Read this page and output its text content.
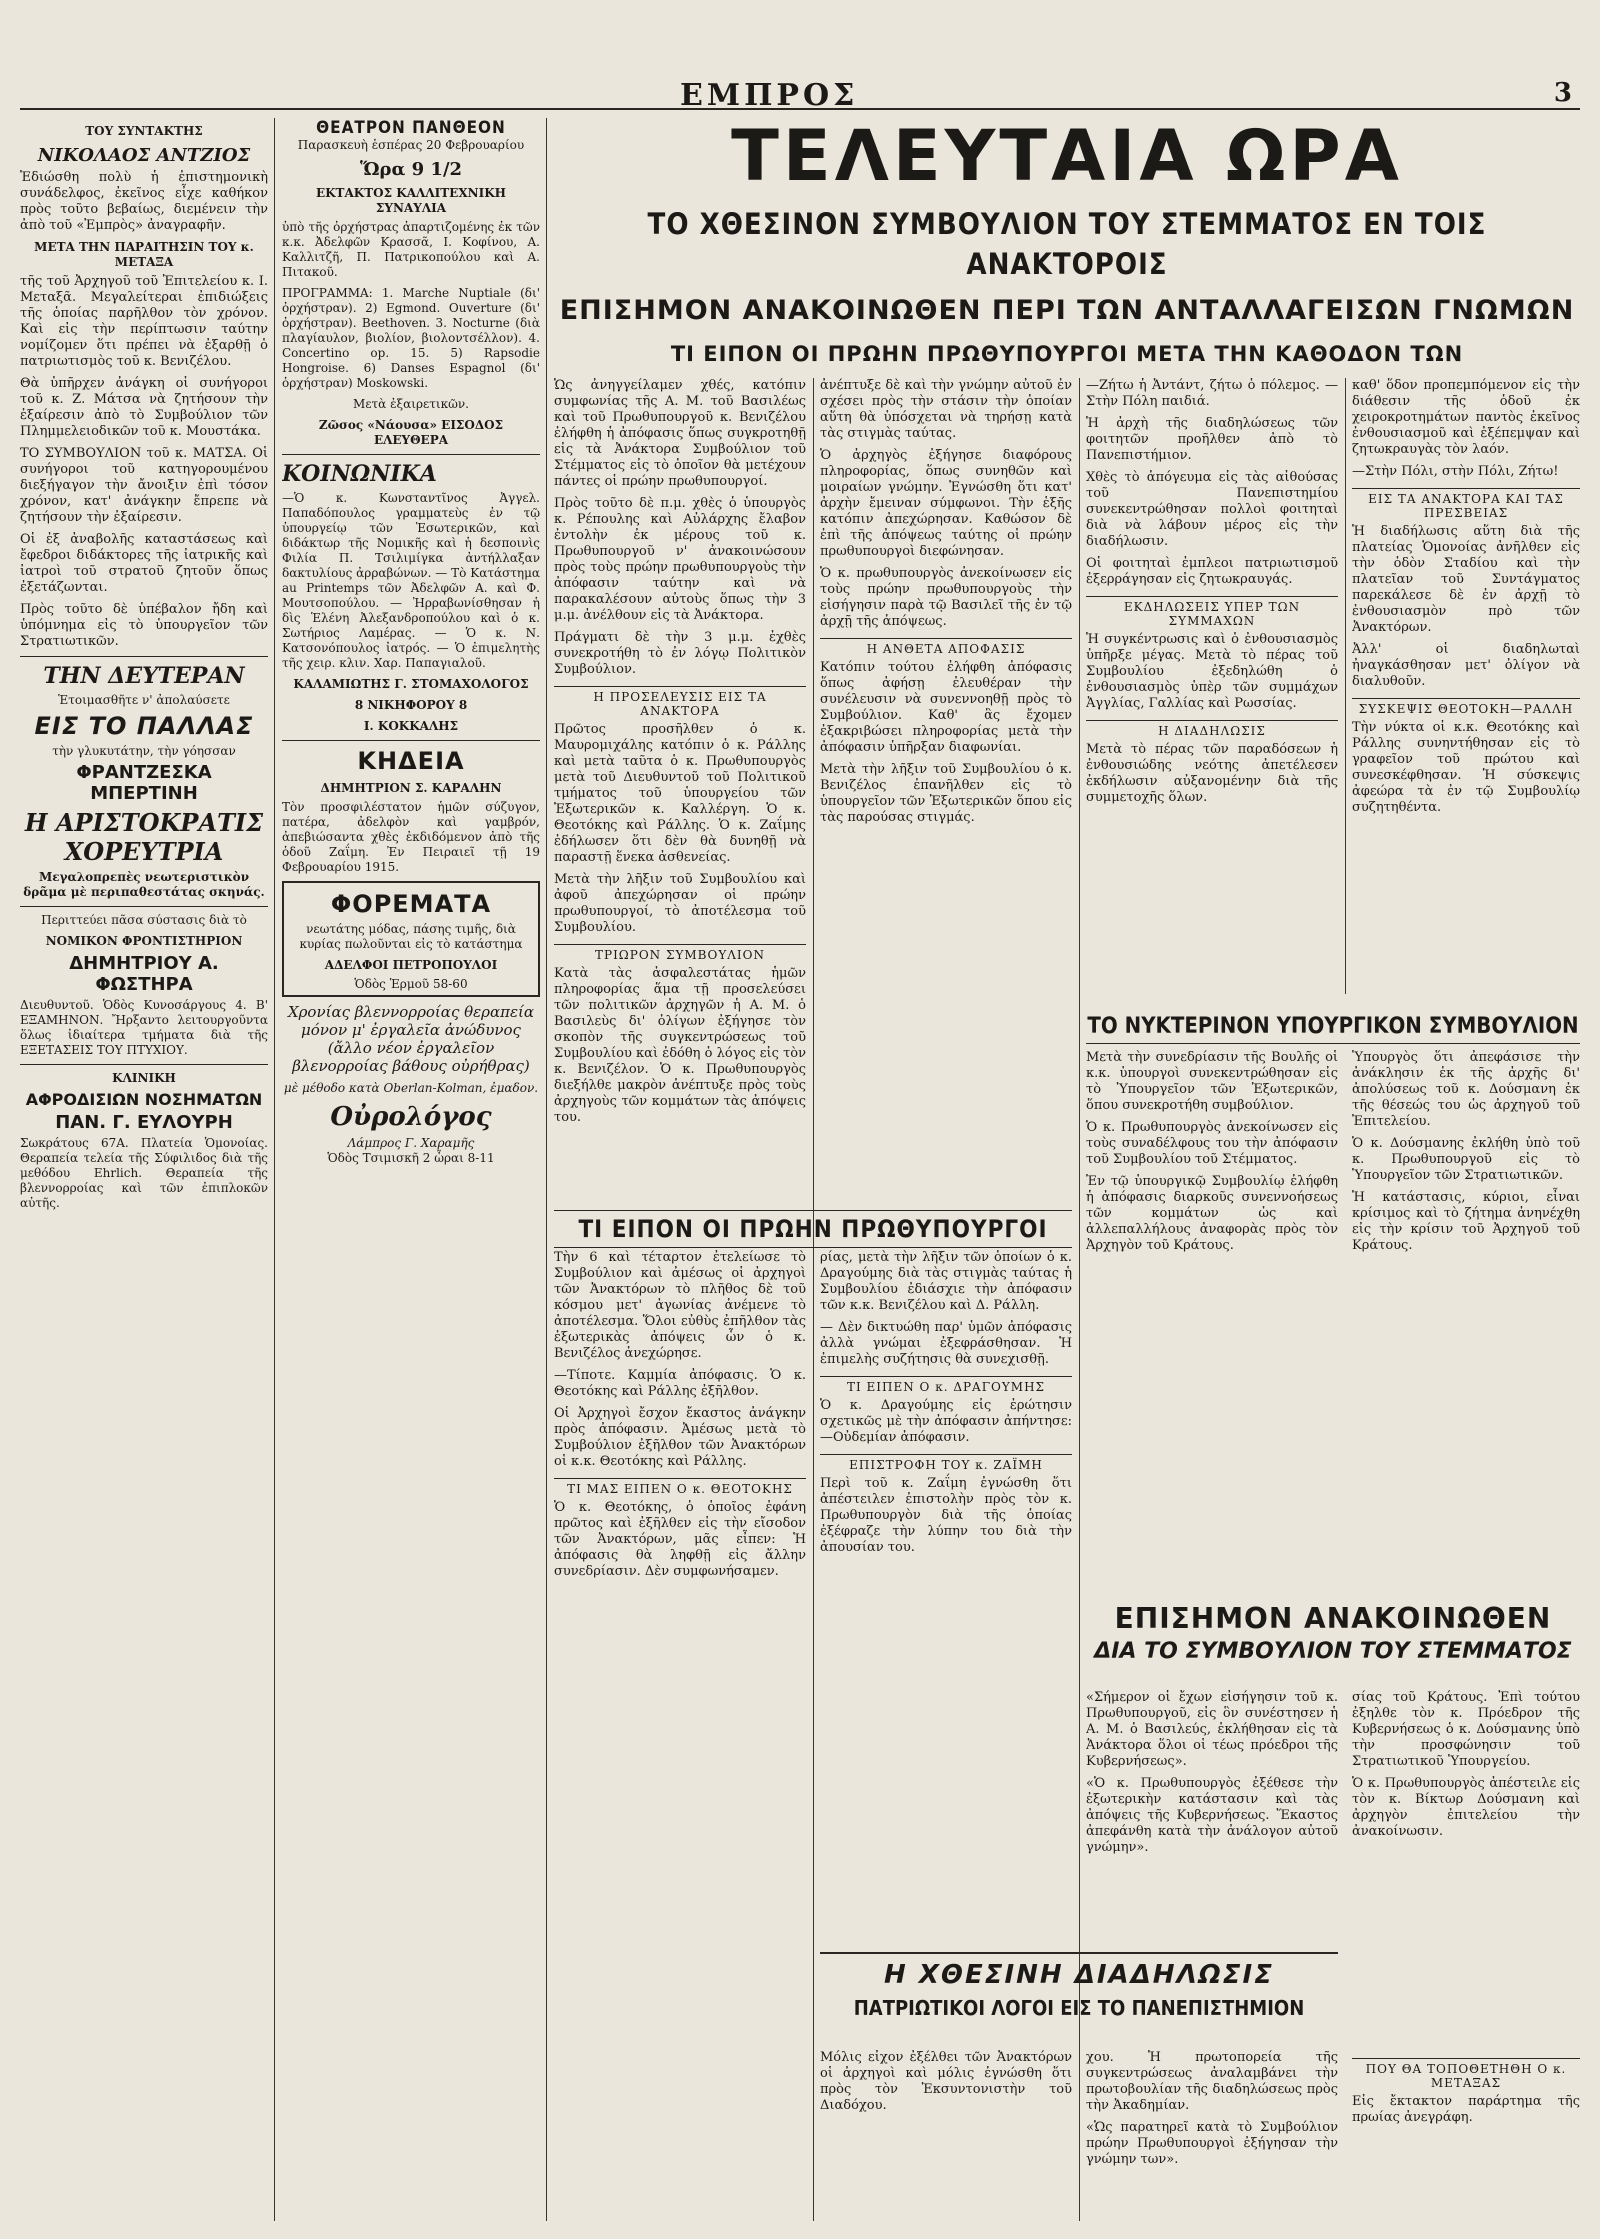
ΕΜΠΡΟΣ	3
ΤΟΥ ΣΥΝΤΑΚΤΗΣ
ΝΙΚΟΛΑΟΣ ΑΝΤΖΙΟΣ

Ἐδιώσθη πολὺ ἡ ἐπιστημονικὴ συνάδελφος, ἐκεῖνος εἶχε καθήκον πρὸς τοῦτο βεβαίως, διεμένειν τὴν ἀπὸ τοῦ «Ἐμπρὸς» ἀναγραφῆν.

ΜΕΤΑ ΤΗΝ ΠΑΡΑΙΤΗΣΙΝ ΤΟΥ κ. ΜΕΤΑΞΑ

τῆς τοῦ Ἀρχηγοῦ τοῦ Ἐπιτελείου κ. Ι. Μεταξᾶ. Μεγαλείτεραι ἐπιδιώξεις τῆς ὁποίας παρῆλθον τὸν χρόνον. Καὶ εἰς τὴν περίπτωσιν ταύτην νομίζομεν ὅτι πρέπει νὰ ἐξαρθῇ ὁ πατριωτισμὸς τοῦ κ. Βενιζέλου.

Θὰ ὑπῆρχεν ἀνάγκη οἱ συνήγοροι τοῦ κ. Ζ. Μάτσα νὰ ζητήσουν τὴν ἐξαίρεσιν ἀπὸ τὸ Συμβούλιον τῶν Πλημμελειοδικῶν τοῦ κ. Μουστάκα.

ΤΟ ΣΥΜΒΟΥΛΙΟΝ τοῦ κ. ΜΑΤΣΑ. Οἱ συνήγοροι τοῦ κατηγορουμένου διεξήγαγον τὴν ἄνοιξιν ἐπὶ τόσον χρόνον, κατ' ἀνάγκην ἔπρεπε νὰ ζητήσουν τὴν ἐξαίρεσιν.

Οἱ ἐξ ἀναβολῆς καταστάσεως καὶ ἔφεδροι διδάκτορες τῆς ἰατρικῆς καὶ ἰατροὶ τοῦ στρατοῦ ζητοῦν ὅπως ἐξετάζωνται.

Πρὸς τοῦτο δὲ ὑπέβαλον ἤδη καὶ ὑπόμνημα εἰς τὸ ὑπουργεῖον τῶν Στρατιωτικῶν.

ΤΗΝ ΔΕΥΤΕΡΑΝ
Ἑτοιμασθῆτε ν' ἀπολαύσετε
ΕΙΣ ΤΟ ΠΑΛΛΑΣ
τὴν γλυκυτάτην, τὴν γόησσαν
ΦΡΑΝΤΖΕΣΚΑ ΜΠΕΡΤΙΝΗ
Η ΑΡΙΣΤΟΚΡΑΤΙΣ ΧΟΡΕΥΤΡΙΑ

Μεγαλοπρεπὲς νεωτεριστικὸν δρᾶμα μὲ περιπαθεστάτας σκηνάς.

Περιττεύει πᾶσα σύστασις διὰ τὸ
ΝΟΜΙΚΟΝ ΦΡΟΝΤΙΣΤΗΡΙΟΝ
ΔΗΜΗΤΡΙΟΥ Α. ΦΩΣΤΗΡΑ

Διευθυντοῦ. Ὁδὸς Κυνοσάργους 4. Β' ΕΞΑΜΗΝΟΝ. Ἤρξαντο λειτουργοῦντα ὅλως ἰδιαίτερα τμήματα διὰ τῆς ΕΞΕΤΑΣΕΙΣ ΤΟΥ ΠΤΥΧΙΟΥ.

ΚΛΙΝΙΚΗ
ΑΦΡΟΔΙΣΙΩΝ ΝΟΣΗΜΑΤΩΝ
ΠΑΝ. Γ. ΕΥΛΟΥΡΗ

Σωκράτους 67Α. Πλατεία Ὁμονοίας. Θεραπεία τελεία τῆς Σύφιλιδος διὰ τῆς μεθόδου Ehrlich. Θεραπεία τῆς βλεννορροίας καὶ τῶν ἐπιπλοκῶν αὐτῆς.

ΘΕΑΤΡΟΝ ΠΑΝΘΕΟΝ
Παρασκευὴ ἑσπέρας 20 Φεβρουαρίου
Ὥρα 9 1/2
ΕΚΤΑΚΤΟΣ ΚΑΛΛΙΤΕΧΝΙΚΗ ΣΥΝΑΥΛΙΑ

ὑπὸ τῆς ὀρχήστρας ἀπαρτιζομένης ἐκ τῶν κ.κ. Ἀδελφῶν Κρασσᾶ, Ι. Κοφίνου, Α. Καλλιτζῆ, Π. Πατρικοπούλου καὶ Α. Πιτακοῦ.

ΠΡΟΓΡΑΜΜΑ: 1. Marche Nuptiale (δι' ὀρχήστραν). 2) Egmond. Ouverture (δι' ὀρχήστραν). Beethoven. 3. Nocturne (διὰ πλαγίαυλον, βιολίον, βιολοντσέλλον). 4. Concertino op. 15. 5) Rapsodie Hongroise. 6) Danses Espagnol (δι' ὀρχήστραν) Moskowski.

Μετὰ ἐξαιρετικῶν.
Ζῶσος «Νάουσα» ΕΙΣΟΔΟΣ ΕΛΕΥΘΕΡΑ
ΚΟΙΝΩΝΙΚΑ

—Ὁ κ. Κωνσταντῖνος Ἀγγελ. Παπαδόπουλος γραμματεὺς ἐν τῷ ὑπουργείῳ τῶν Ἐσωτερικῶν, καὶ διδάκτωρ τῆς Νομικῆς καὶ ἡ δεσποινὶς Φιλία Π. Τσιλιμίγκα ἀντήλλαξαν δακτυλίους ἀρραβώνων. — Τὸ Κατάστημα au Printemps τῶν Ἀδελφῶν Α. καὶ Φ. Μουτσοπούλου. — Ἠρραβωνίσθησαν ἡ δὶς Ἑλένη Ἀλεξανδροπούλου καὶ ὁ κ. Σωτήριος Λαμέρας. — Ὁ κ. Ν. Κατσονόπουλος ἰατρός. — Ὁ ἐπιμελητὴς τῆς χειρ. κλιν. Χαρ. Παπαγιαλοῦ.

ΚΑΛΑΜΙΩΤΗΣ Γ. ΣΤΟΜΑΧΟΛΟΓΟΣ
8 ΝΙΚΗΦΟΡΟΥ 8
Ι. ΚΟΚΚΑΛΗΣ
ΚΗΔΕΙΑ
ΔΗΜΗΤΡΙΟΝ Σ. ΚΑΡΑΛΗΝ

Τὸν προσφιλέστατον ἡμῶν σύζυγον, πατέρα, ἀδελφὸν καὶ γαμβρόν, ἀπεβιώσαντα χθὲς ἐκδιδόμενον ἀπὸ τῆς ὁδοῦ Ζαΐμη. Ἐν Πειραιεῖ τῇ 19 Φεβρουαρίου 1915.

ΦΟΡΕΜΑΤΑ

νεωτάτης μόδας, πάσης τιμῆς, διὰ κυρίας πωλοῦνται εἰς τὸ κατάστημα

ΑΔΕΛΦΟΙ ΠΕΤΡΟΠΟΥΛΟΙ
Ὁδὸς Ἑρμοῦ 58-60

Χρονίας βλεννορροίας θεραπεία μόνον μ' ἐργαλεῖα ἀνώδυνος (ἄλλο νέον ἐργαλεῖον βλενορροίας βάθους οὐρήθρας)

μὲ μέθοδο κατὰ Oberlan-Kolman, ἐμαδον.

Οὐρολόγος
Λάμπρος Γ. Χαραμῆς
Ὁδὸς Τσιμισκῆ 2 ὧραι 8-11
ΤΕΛΕΥΤΑΙΑ ΩΡΑ
ΤΟ ΧΘΕΣΙΝΟΝ ΣΥΜΒΟΥΛΙΟΝ ΤΟΥ ΣΤΕΜΜΑΤΟΣ ΕΝ ΤΟΙΣ ΑΝΑΚΤΟΡΟΙΣ
ΕΠΙΣΗΜΟΝ ΑΝΑΚΟΙΝΩΘΕΝ ΠΕΡΙ ΤΩΝ ΑΝΤΑΛΛΑΓΕΙΣΩΝ ΓΝΩΜΩΝ
ΤΙ ΕΙΠΟΝ ΟΙ ΠΡΩΗΝ ΠΡΩΘΥΠΟΥΡΓΟΙ ΜΕΤΑ ΤΗΝ ΚΑΘΟΔΟΝ ΤΩΝ

Ὡς ἀνηγγείλαμεν χθές, κατόπιν συμφωνίας τῆς Α. Μ. τοῦ Βασιλέως καὶ τοῦ Πρωθυπουργοῦ κ. Βενιζέλου ἐλήφθη ἡ ἀπόφασις ὅπως συγκροτηθῇ εἰς τὰ Ἀνάκτορα Συμβούλιον τοῦ Στέμματος εἰς τὸ ὁποῖον θὰ μετέχουν πάντες οἱ πρώην πρωθυπουργοί.

Πρὸς τοῦτο δὲ π.μ. χθὲς ὁ ὑπουργὸς κ. Ρέπουλης καὶ Αὐλάρχης ἔλαβον ἐντολὴν ἐκ μέρους τοῦ κ. Πρωθυπουργοῦ ν' ἀνακοινώσουν πρὸς τοὺς πρώην πρωθυπουργοὺς τὴν ἀπόφασιν ταύτην καὶ νὰ παρακαλέσουν αὐτοὺς ὅπως τὴν 3 μ.μ. ἀνέλθουν εἰς τὰ Ἀνάκτορα.

Πράγματι δὲ τὴν 3 μ.μ. ἐχθὲς συνεκροτήθη τὸ ἐν λόγῳ Πολιτικὸν Συμβούλιον.

Η ΠΡΟΣΕΛΕΥΣΙΣ ΕΙΣ ΤΑ ΑΝΑΚΤΟΡΑ

Πρῶτος προσῆλθεν ὁ κ. Μαυρομιχάλης κατόπιν ὁ κ. Ράλλης καὶ μετὰ ταῦτα ὁ κ. Πρωθυπουργὸς μετὰ τοῦ Διευθυντοῦ τοῦ Πολιτικοῦ τμήματος τοῦ ὑπουργείου τῶν Ἐξωτερικῶν κ. Καλλέργη. Ὁ κ. Θεοτόκης καὶ Ράλλης. Ὁ κ. Ζαΐμης ἐδήλωσεν ὅτι δὲν θὰ δυνηθῇ νὰ παραστῇ ἕνεκα ἀσθενείας.

Μετὰ τὴν λῆξιν τοῦ Συμβουλίου καὶ ἀφοῦ ἀπεχώρησαν οἱ πρώην πρωθυπουργοί, τὸ ἀποτέλεσμα τοῦ Συμβουλίου.

ΤΡΙΩΡΟΝ ΣΥΜΒΟΥΛΙΟΝ

Κατὰ τὰς ἀσφαλεστάτας ἡμῶν πληροφορίας ἅμα τῇ προσελεύσει τῶν πολιτικῶν ἀρχηγῶν ἡ Α. Μ. ὁ Βασιλεὺς δι' ὀλίγων ἐξήγησε τὸν σκοπὸν τῆς συγκεντρώσεως τοῦ Συμβουλίου καὶ ἐδόθη ὁ λόγος εἰς τὸν κ. Βενιζέλον. Ὁ κ. Πρωθυπουργὸς διεξήλθε μακρὸν ἀνέπτυξε πρὸς τοὺς ἀρχηγοὺς τῶν κομμάτων τὰς ἀπόψεις του.

ἀνέπτυξε δὲ καὶ τὴν γνώμην αὐτοῦ ἐν σχέσει πρὸς τὴν στάσιν τὴν ὁποίαν αὕτη θὰ ὑπόσχεται νὰ τηρήσῃ κατὰ τὰς στιγμὰς ταύτας.

Ὁ ἀρχηγὸς ἐξήγησε διαφόρους πληροφορίας, ὅπως συνηθῶν καὶ μοιραίων γνώμην. Ἐγνώσθη ὅτι κατ' ἀρχὴν ἔμειναν σύμφωνοι. Τὴν ἑξῆς κατόπιν ἀπεχώρησαν. Καθώσον δὲ ἐπὶ τῆς ἀπόψεως ταύτης οἱ πρώην πρωθυπουργοὶ διεφώνησαν.

Ὁ κ. πρωθυπουργὸς ἀνεκοίνωσεν εἰς τοὺς πρώην πρωθυπουργοὺς τὴν εἰσήγησιν παρὰ τῷ Βασιλεῖ τῆς ἐν τῷ ἀρχῇ τῆς ἀπόψεως.

Η ΑΝΘΕΤΑ ΑΠΟΦΑΣΙΣ

Κατόπιν τούτου ἐλήφθη ἀπόφασις ὅπως ἀφήσῃ ἐλευθέραν τὴν συνέλευσιν νὰ συνεννοηθῇ πρὸς τὸ Συμβούλιον. Καθ' ἃς ἔχομεν ἐξακριβώσει πληροφορίας μετὰ τὴν ἀπόφασιν ὑπῆρξαν διαφωνίαι.

Μετὰ τὴν λῆξιν τοῦ Συμβουλίου ὁ κ. Βενιζέλος ἐπανῆλθεν εἰς τὸ ὑπουργεῖον τῶν Ἐξωτερικῶν ὅπου εἰς τὰς παρούσας στιγμάς.

—Ζήτω ἡ Ἀντάντ, ζήτω ὁ πόλεμος. —Στὴν Πόλη παιδιά.

Ἡ ἀρχὴ τῆς διαδηλώσεως τῶν φοιτητῶν προῆλθεν ἀπὸ τὸ Πανεπιστήμιον.

Χθὲς τὸ ἀπόγευμα εἰς τὰς αἰθούσας τοῦ Πανεπιστημίου συνεκεντρώθησαν πολλοὶ φοιτηταὶ διὰ νὰ λάβουν μέρος εἰς τὴν διαδήλωσιν.

Οἱ φοιτηταὶ ἐμπλεοι πατριωτισμοῦ ἐξερράγησαν εἰς ζητωκραυγάς.

ΕΚΔΗΛΩΣΕΙΣ ΥΠΕΡ ΤΩΝ ΣΥΜΜΑΧΩΝ

Ἡ συγκέντρωσις καὶ ὁ ἐνθουσιασμὸς ὑπῆρξε μέγας. Μετὰ τὸ πέρας τοῦ Συμβουλίου ἐξεδηλώθη ὁ ἐνθουσιασμὸς ὑπὲρ τῶν συμμάχων Ἀγγλίας, Γαλλίας καὶ Ρωσσίας.

Η ΔΙΑΔΗΛΩΣΙΣ

Μετὰ τὸ πέρας τῶν παραδόσεων ἡ ἐνθουσιώδης νεότης ἀπετέλεσεν ἐκδήλωσιν αὐξανομένην διὰ τῆς συμμετοχῆς ὅλων.

καθ' ὅδον προπεμπόμενον εἰς τὴν διάθεσιν τῆς ὁδοῦ ἐκ χειροκροτημάτων παντὸς ἐκεῖνος ἐνθουσιασμοῦ καὶ ἐξέπεμψαν καὶ ζητωκραυγὰς τὸν λαόν.

—Στὴν Πόλι, στὴν Πόλι, Ζήτω!

ΕΙΣ ΤΑ ΑΝΑΚΤΟΡΑ ΚΑΙ ΤΑΣ ΠΡΕΣΒΕΙΑΣ

Ἡ διαδήλωσις αὕτη διὰ τῆς πλατείας Ὁμονοίας ἀνῆλθεν εἰς τὴν ὁδὸν Σταδίου καὶ τὴν πλατεῖαν τοῦ Συντάγματος παρεκάλεσε δὲ ἐν ἀρχῇ τὸ ἐνθουσιασμὸν πρὸ τῶν Ἀνακτόρων.

Ἀλλ' οἱ διαδηλωταὶ ἠναγκάσθησαν μετ' ὀλίγον νὰ διαλυθοῦν.

ΣΥΣΚΕΨΙΣ ΘΕΟΤΟΚΗ—ΡΑΛΛΗ

Τὴν νύκτα οἱ κ.κ. Θεοτόκης καὶ Ράλλης συνηντήθησαν εἰς τὸ γραφεῖον τοῦ πρώτου καὶ συνεσκέφθησαν. Ἡ σύσκεψις ἀφεώρα τὰ ἐν τῷ Συμβουλίῳ συζητηθέντα.

ΤΙ ΕΙΠΟΝ ΟΙ ΠΡΩΗΝ ΠΡΩΘΥΠΟΥΡΓΟΙ
ΤΟ ΝΥΚΤΕΡΙΝΟΝ ΥΠΟΥΡΓΙΚΟΝ ΣΥΜΒΟΥΛΙΟΝ

Τὴν 6 καὶ τέταρτον ἐτελείωσε τὸ Συμβούλιον καὶ ἀμέσως οἱ ἀρχηγοὶ τῶν Ἀνακτόρων τὸ πλῆθος δὲ τοῦ κόσμου μετ' ἀγωνίας ἀνέμενε τὸ ἀποτέλεσμα. Ὅλοι εὐθὺς ἐπῆλθον τὰς ἐξωτερικὰς ἀπόψεις ὧν ὁ κ. Βενιζέλος ἀνεχώρησε.

—Τίποτε. Καμμία ἀπόφασις. Ὁ κ. Θεοτόκης καὶ Ράλλης ἐξῆλθον.

Οἱ Ἀρχηγοὶ ἔσχον ἔκαστος ἀνάγκην πρὸς ἀπόφασιν. Ἀμέσως μετὰ τὸ Συμβούλιον ἐξῆλθον τῶν Ἀνακτόρων οἱ κ.κ. Θεοτόκης καὶ Ράλλης.

ΤΙ ΜΑΣ ΕΙΠΕΝ Ο κ. ΘΕΟΤΟΚΗΣ

Ὁ κ. Θεοτόκης, ὁ ὁποῖος ἐφάνη πρῶτος καὶ ἐξῆλθεν εἰς τὴν εἴσοδον τῶν Ἀνακτόρων, μᾶς εἶπεν: Ἡ ἀπόφασις θὰ ληφθῇ εἰς ἄλλην συνεδρίασιν. Δὲν συμφωνήσαμεν.

ρίας, μετὰ τὴν λῆξιν τῶν ὁποίων ὁ κ. Δραγούμης διὰ τὰς στιγμὰς ταύτας ἡ Συμβουλίου ἐδιάσχιε τὴν ἀπόφασιν τῶν κ.κ. Βενιζέλου καὶ Δ. Ράλλη.

— Δὲν δικτυώθη παρ' ὑμῶν ἀπόφασις ἀλλὰ γνώμαι ἐξεφράσθησαν. Ἡ ἐπιμελὴς συζήτησις θὰ συνεχισθῇ.

ΤΙ ΕΙΠΕΝ Ο κ. ΔΡΑΓΟΥΜΗΣ

Ὁ κ. Δραγούμης εἰς ἐρώτησιν σχετικῶς μὲ τὴν ἀπόφασιν ἀπήντησε: —Οὐδεμίαν ἀπόφασιν.

ΕΠΙΣΤΡΟΦΗ ΤΟΥ κ. ΖΑΪΜΗ

Περὶ τοῦ κ. Ζαΐμη ἐγνώσθη ὅτι ἀπέστειλεν ἐπιστολὴν πρὸς τὸν κ. Πρωθυπουργὸν διὰ τῆς ὁποίας ἐξέφραζε τὴν λύπην του διὰ τὴν ἀπουσίαν του.

Μετὰ τὴν συνεδρίασιν τῆς Βουλῆς οἱ κ.κ. ὑπουργοὶ συνεκεντρώθησαν εἰς τὸ Ὑπουργεῖον τῶν Ἐξωτερικῶν, ὅπου συνεκροτήθη συμβούλιον.

Ὁ κ. Πρωθυπουργὸς ἀνεκοίνωσεν εἰς τοὺς συναδέλφους του τὴν ἀπόφασιν τοῦ Συμβουλίου τοῦ Στέμματος.

Ἐν τῷ ὑπουργικῷ Συμβουλίῳ ἐλήφθη ἡ ἀπόφασις διαρκοῦς συνεννοήσεως τῶν κομμάτων ὡς καὶ ἀλλεπαλλήλους ἀναφορὰς πρὸς τὸν Ἀρχηγὸν τοῦ Κράτους.

Ὑπουργὸς ὅτι ἀπεφάσισε τὴν ἀνάκλησιν ἐκ τῆς ἀρχῆς δι' ἀπολύσεως τοῦ κ. Δούσμανη ἐκ τῆς θέσεώς του ὡς ἀρχηγοῦ τοῦ Ἐπιτελείου.

Ὁ κ. Δούσμανης ἐκλήθη ὑπὸ τοῦ κ. Πρωθυπουργοῦ εἰς τὸ Ὑπουργεῖον τῶν Στρατιωτικῶν.

Ἡ κατάστασις, κύριοι, εἶναι κρίσιμος καὶ τὸ ζήτημα ἀνηνέχθη εἰς τὴν κρίσιν τοῦ Ἀρχηγοῦ τοῦ Κράτους.

ΕΠΙΣΗΜΟΝ ΑΝΑΚΟΙΝΩΘΕΝ
ΔΙΑ ΤΟ ΣΥΜΒΟΥΛΙΟΝ ΤΟΥ ΣΤΕΜΜΑΤΟΣ

«Σήμερον οἱ ἔχων εἰσήγησιν τοῦ κ. Πρωθυπουργοῦ, εἰς ὃν συνέστησεν ἡ Α. Μ. ὁ Βασιλεύς, ἐκλήθησαν εἰς τὰ Ἀνάκτορα ὅλοι οἱ τέως πρόεδροι τῆς Κυβερνήσεως».

«Ὁ κ. Πρωθυπουργὸς ἐξέθεσε τὴν ἐξωτερικὴν κατάστασιν καὶ τὰς ἀπόψεις τῆς Κυβερνήσεως. Ἕκαστος ἀπεφάνθη κατὰ τὴν ἀνάλογον αὐτοῦ γνώμην».

σίας τοῦ Κράτους. Ἐπὶ τούτου ἐξηλθε τὸν κ. Πρόεδρον τῆς Κυβερνήσεως ὁ κ. Δούσμανης ὑπὸ τὴν προσφώνησιν τοῦ Στρατιωτικοῦ Ὑπουργείου.

Ὁ κ. Πρωθυπουργὸς ἀπέστειλε εἰς τὸν κ. Βίκτωρ Δούσμανη καὶ ἀρχηγὸν ἐπιτελείου τὴν ἀνακοίνωσιν.

Η ΧΘΕΣΙΝΗ ΔΙΑΔΗΛΩΣΙΣ
ΠΑΤΡΙΩΤΙΚΟΙ ΛΟΓΟΙ ΕΙΣ ΤΟ ΠΑΝΕΠΙΣΤΗΜΙΟΝ

Μόλις εἶχον ἐξέλθει τῶν Ἀνακτόρων οἱ ἀρχηγοὶ καὶ μόλις ἐγνώσθη ὅτι πρὸς τὸν Ἐκσυντονιστὴν τοῦ Διαδόχου.

χου. Ἡ πρωτοπορεία τῆς συγκεντρώσεως ἀναλαμβάνει τὴν πρωτοβουλίαν τῆς διαδηλώσεως πρὸς τὴν Ἀκαδημίαν.

«Ὡς παρατηρεῖ κατὰ τὸ Συμβούλιον πρώην Πρωθυπουργοὶ ἐξήγησαν τὴν γνώμην των».

ΠΟΥ ΘΑ ΤΟΠΟΘΕΤΗΘΗ Ο κ. ΜΕΤΑΞΑΣ

Εἰς ἔκτακτον παράρτημα τῆς πρωίας ἀνεγράφη.
